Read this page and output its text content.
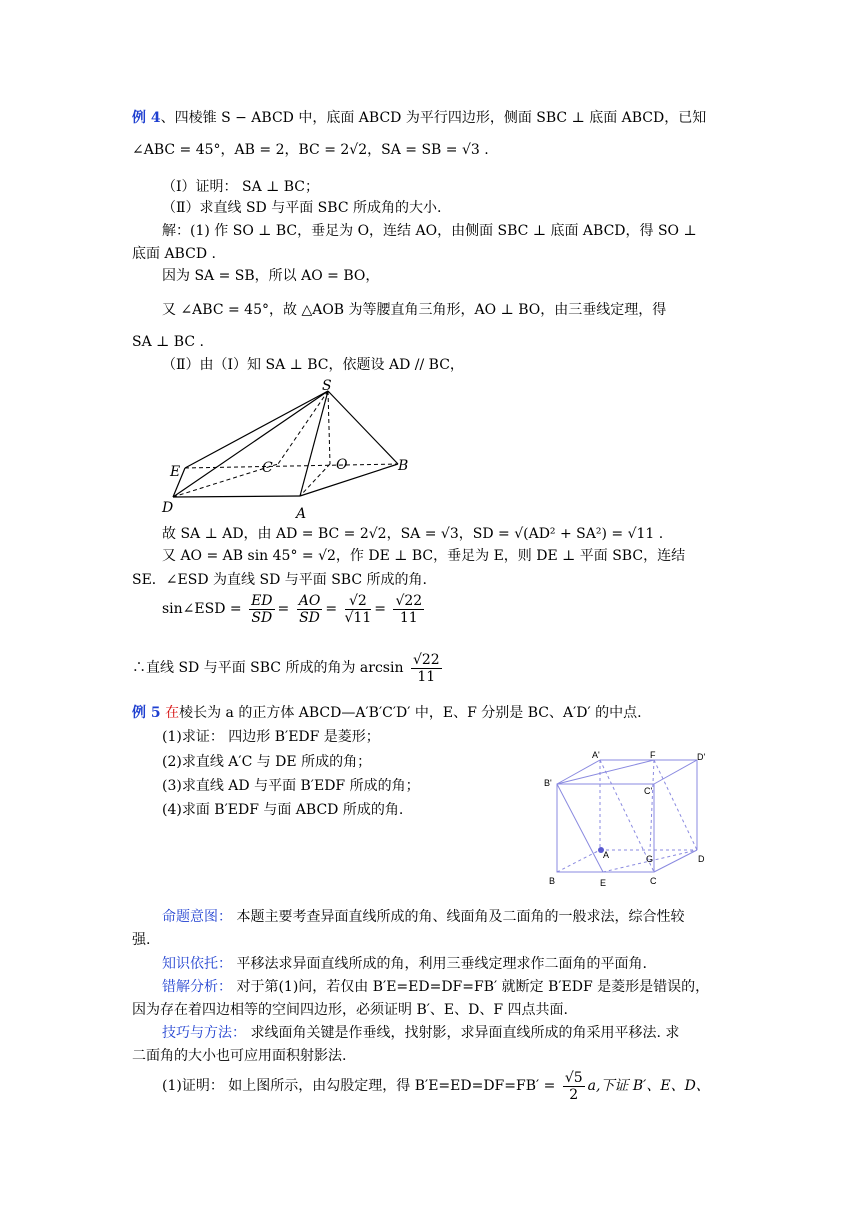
例 4、四棱锥 S − ABCD 中，底面 ABCD 为平行四边形，侧面 SBC ⊥ 底面 ABCD，已知
∠ABC = 45°，AB = 2，BC = 2√2，SA = SB = √3 .
（Ⅰ）证明： SA ⊥ BC；
（Ⅱ）求直线 SD 与平面 SBC 所成角的大小.
解：(1) 作 SO ⊥ BC，垂足为 O，连结 AO，由侧面 SBC ⊥ 底面 ABCD，得 SO ⊥
底面 ABCD .
因为 SA = SB，所以 AO = BO，
又 ∠ABC = 45°，故 △AOB 为等腰直角三角形，AO ⊥ BO，由三垂线定理，得
SA ⊥ BC .
（Ⅱ）由（Ⅰ）知 SA ⊥ BC，依题设 AD // BC，
S
E	C	O	B
D	A
故 SA ⊥ AD，由 AD = BC = 2√2，SA = √3，SD = √(AD² + SA²) = √11 .
又 AO = AB sin 45° = √2，作 DE ⊥ BC，垂足为 E，则 DE ⊥ 平面 SBC，连结
SE．∠ESD 为直线 SD 与平面 SBC 所成的角.
sin∠ESD = $\frac{ED}{SD} = \frac{AO}{SD} = \frac{√2}{√11} = \frac{√22}{11}$
∴直线 SD 与平面 SBC 所成的角为 $\arcsin \frac{√22}{11}$
例 5 在棱长为 a 的正方体 ABCD—A′B′C′D′ 中，E、F 分别是 BC、A′D′ 的中点.
(1)求证： 四边形 B′EDF 是菱形；
(2)求直线 A′C 与 DE 所成的角；
(3)求直线 AD 与平面 B′EDF 所成的角；
(4)求面 B′EDF 与面 ABCD 所成的角.
A'	F	D'
B'
C'
A	G	D
B	E	C
命题意图： 本题主要考查异面直线所成的角、线面角及二面角的一般求法，综合性较
强.
知识依托： 平移法求异面直线所成的角，利用三垂线定理求作二面角的平面角.
错解分析： 对于第(1)问，若仅由 B′E=ED=DF=FB′ 就断定 B′EDF 是菱形是错误的，
因为存在着四边相等的空间四边形，必须证明 B′、E、D、F 四点共面.
技巧与方法： 求线面角关键是作垂线，找射影，求异面直线所成的角采用平移法. 求
二面角的大小也可应用面积射影法.
(1)证明： 如上图所示，由勾股定理，得 $B'E=ED=DF=FB' = \frac{√5}{2} a$,下证 B′、E、D、
